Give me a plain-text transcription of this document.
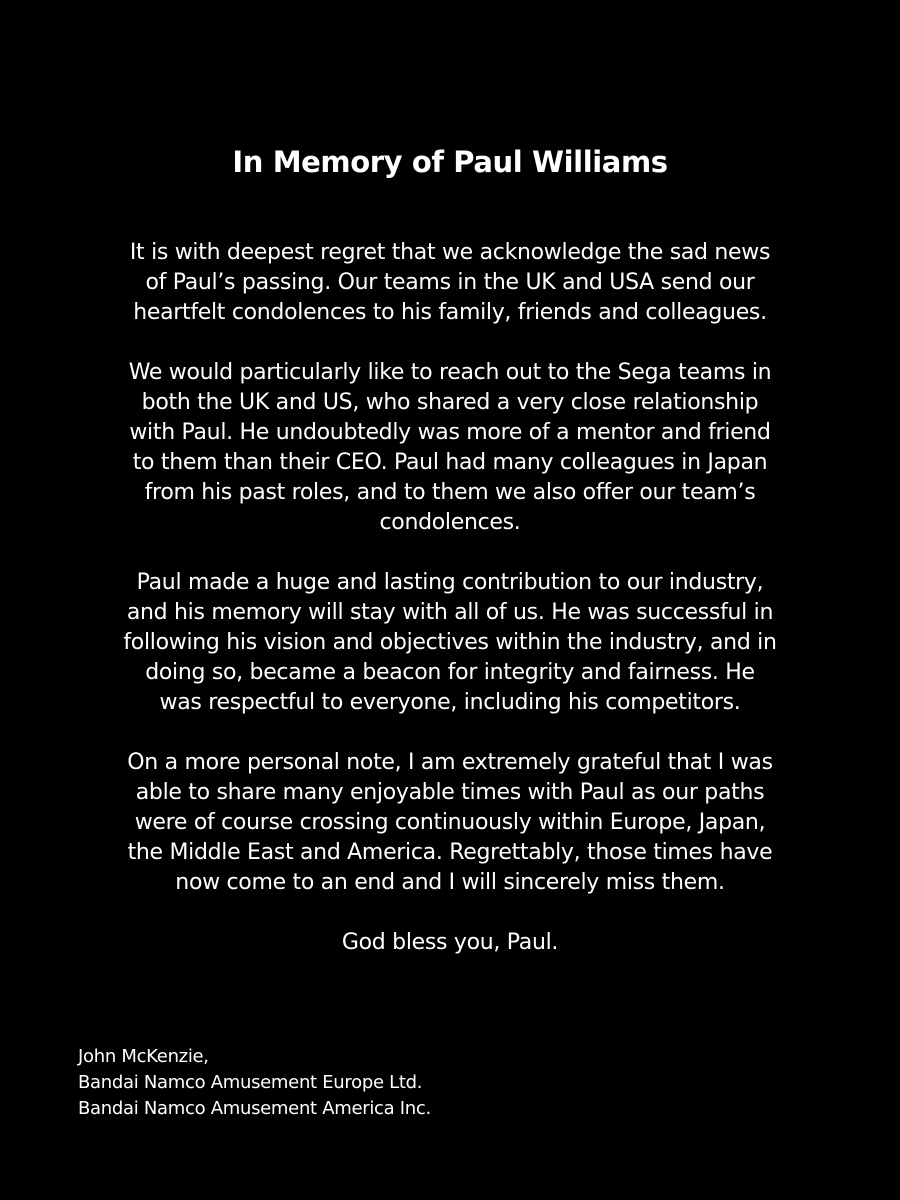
In Memory of Paul Williams

It is with deepest regret that we acknowledge the sad news
of Paul’s passing. Our teams in the UK and USA send our
heartfelt condolences to his family, friends and colleagues.

We would particularly like to reach out to the Sega teams in
both the UK and US, who shared a very close relationship
with Paul. He undoubtedly was more of a mentor and friend
to them than their CEO. Paul had many colleagues in Japan
from his past roles, and to them we also offer our team’s
condolences.

Paul made a huge and lasting contribution to our industry,
and his memory will stay with all of us. He was successful in
following his vision and objectives within the industry, and in
doing so, became a beacon for integrity and fairness. He
was respectful to everyone, including his competitors.

On a more personal note, I am extremely grateful that I was
able to share many enjoyable times with Paul as our paths
were of course crossing continuously within Europe, Japan,
the Middle East and America. Regrettably, those times have
now come to an end and I will sincerely miss them.

God bless you, Paul.

John McKenzie,
Bandai Namco Amusement Europe Ltd.
Bandai Namco Amusement America Inc.
